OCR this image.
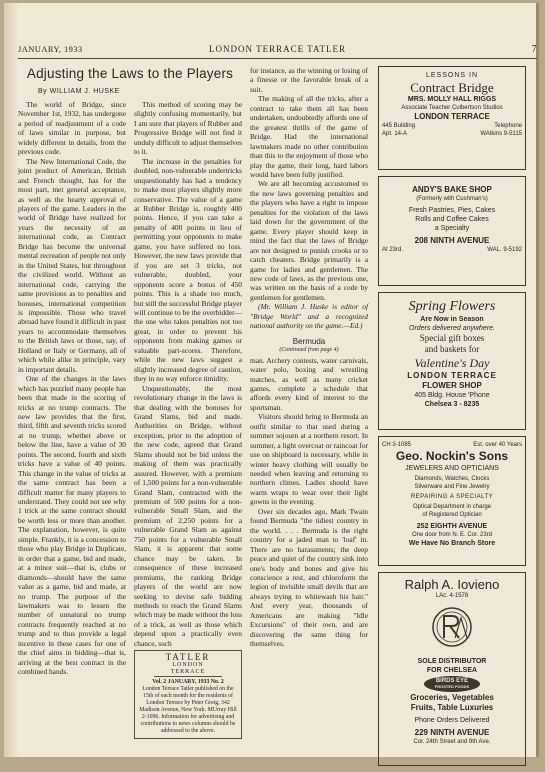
JANUARY, 1933	LONDON TERRACE TATLER	7
Adjusting the Laws to the Players
By WILLIAM J. HUSKE

The world of Bridge, since November 1st, 1932, has undergone a period of readjustment of a code of laws similar in purpose, but widely different in details, from the previous code.

The New International Code, the joint product of American, British and French thought, has for the most part, met general acceptance, as well as the hearty approval of players of the game. Leaders in the world of Bridge have realized for years the necessity of an international code, as Contract Bridge has become the universal mental recreation of people not only in the United States, but throughout the civilized world. Without an international code, carrying the same provisions as to penalties and bonuses, international competition is impossible. Those who travel abroad have found it difficult in past years to accommodate themselves to the British laws or those, say, of Holland or Italy or Germany, all of which while alike in principle, vary in important details.

One of the changes in the laws which has puzzled many people has been that made in the scoring of tricks at no trump contracts. The new law provides that the first, third, fifth and seventh tricks scored at no trump, whether above or below the line, have a value of 30 points. The second, fourth and sixth tricks have a value of 40 points. This change in the value of tricks at the same contract has been a difficult matter for many players to understand. They could not see why 1 trick at the same contract should be worth less or more than another. The explanation, however, is quite simple. Frankly, it is a concession to those who play Bridge in Duplicate, in order that a game, bid and made, at a minor suit—that is, clubs or diamonds—should have the same value as a game, bid and made, at no trump. The purpose of the lawmakers was to lessen the number of unnatural no trump contracts frequently reached at no trump and to thus provide a legal incentive in these cases for one of the chief aims in bidding—that is, arriving at the best contract in the combined hands.

This method of scoring may be slightly confusing momentarily, but I am sure that players of Rubber and Progressive Bridge will not find it unduly difficult to adjust themselves to it.

The increase in the penalties for doubled, non-vulnerable undertricks unquestionably has had a tendency to make most players slightly more conservative. The value of a game at Rubber Bridge is, roughly 400 points. Hence, if you can take a penalty of 400 points in lieu of permitting your opponents to make game, you have suffered no loss. However, the new laws provide that if you are set 3 tricks, not vulnerable, doubled, your opponents score a bonus of 450 points. This is a shade too much, but still the successful Bridge player will continue to be the overbidder—the one who takes penalties not too great, in order to prevent his opponents from making games or valuable part-scores. Therefore, while the new laws suggest a slightly increased degree of caution, they in no way enforce timidity.

Unquestionably, the most revolutionary change in the laws is that dealing with the bonuses for Grand Slams, bid and made. Authorities on Bridge, without exception, prior to the adoption of the new code, agreed that Grand Slams should not be bid unless the making of them was practically assured. However, with a premium of 1,500 points for a non-vulnerable Grand Slam, contracted with the premium of 500 points for a non-vulnerable Small Slam, and the premium of 2,250 points for a vulnerable Grand Slam as against 750 points for a vulnerable Small Slam, it is apparent that some chance may be taken. In consequence of these increased premiums, the ranking Bridge players of the world are now seeking to devise safe bidding methods to reach the Grand Slams which may be made without the loss of a trick, as well as those which depend upon a practically even chance, such

TATLER
LONDON TERRACE
Vol. 2 JANUARY, 1933 No. 2
London Terrace Tatler published on the 15th of each month for the residents of London Terrace by Peter Greig, 342 Madison Avenue, New York. MUrray Hill 2-1096. Information for advertising and contributions to news columns should be addressed to the above.

for instance, as the winning or losing of a finesse or the favorable break of a suit.

The making of all the tricks, after a contract to take them all has been undertaken, undoubtedly affords one of the greatest thrills of the game of Bridge. Had the international lawmakers made no other contribution than this to the enjoyment of those who play the game, their long, hard labors would have been fully justified.

We are all becoming accustomed to the new laws governing penalties and the players who have a right to impose penalties for the violation of the laws laid down for the government of the game. Every player should keep in mind the fact that the laws of Bridge are not designed to punish crooks or to catch cheaters. Bridge primarily is a game for ladies and gentlemen. The new code of laws, as the previous one, was written on the basis of a code by gentlemen for gentlemen.

(Mr. William J. Huske is editor of "Bridge World" and a recognized national authority on the game.—Ed.)

Bermuda

(Continued from page 4)

man. Archery contests, water carnivals, water polo, boxing and wrestling matches, as well as many cricket games, complete a schedule that affords every kind of interest to the sportsman.

Visitors should bring to Bermuda an outfit similar to that used during a summer sojourn at a northern resort. In summer, a light overcoat or raincoat for use on shipboard is necessary, while in winter heavy clothing will usually be needed when leaving and returning to northern climes. Ladies should have warm wraps to wear over their light gowns in the evening.

Over six decades ago, Mark Twain found Bermuda "the tidiest country in the world. . . . Bermuda is the right country for a jaded man to 'loaf' in. There are no harassments; the deep peace and quiet of the country sink into one's body and bones and give his conscience a rest, and chloroform the legion of invisible small devils that are always trying to whitewash his hair." And every year, thousands of Americans are making "Idle Excursions" of their own, and are discovering the same thing for themselves.

LESSONS IN
Contract Bridge
MRS. MOLLY HALL RIGGS
Associate Teacher Culbertson Studios
LONDON TERRACE
445 Building	Telephone
Apt. 14-A	WAtkins 9-5115
ANDY'S BAKE SHOP
(Formerly with Cushman's)
Fresh Pastries, Pies, Cakes
Rolls and Coffee Cakes
a Specialty
208 NINTH AVENUE
At 23rd.	WAL. 9-5192
Spring Flowers
Are Now in Season
Orders delivered anywhere.
Special gift boxes
and baskets for
Valentine's Day
LONDON TERRACE
FLOWER SHOP
405 Bldg. House 'Phone
Chelsea 3 - 8235
CH 3-1085	Est. over 40 Years
Geo. Nockin's Sons
JEWELERS AND OPTICIANS
Diamonds, Watches, Clocks
Silverware and Fine Jewelry
REPAIRING A SPECIALTY
Optical Department in charge
of Registered Optician
252 EIGHTH AVENUE
One door from N. E. Cor. 23rd
We Have No Branch Store
Ralph A. Iovieno
LAc. 4-1578
SOLE DISTRIBUTOR
FOR CHELSEA
BIRDS EYE
FROSTED FOODS
Groceries, Vegetables
Fruits, Table Luxuries
Phone Orders Delivered
229 NINTH AVENUE
Cor. 24th Street and 9th Ave.
